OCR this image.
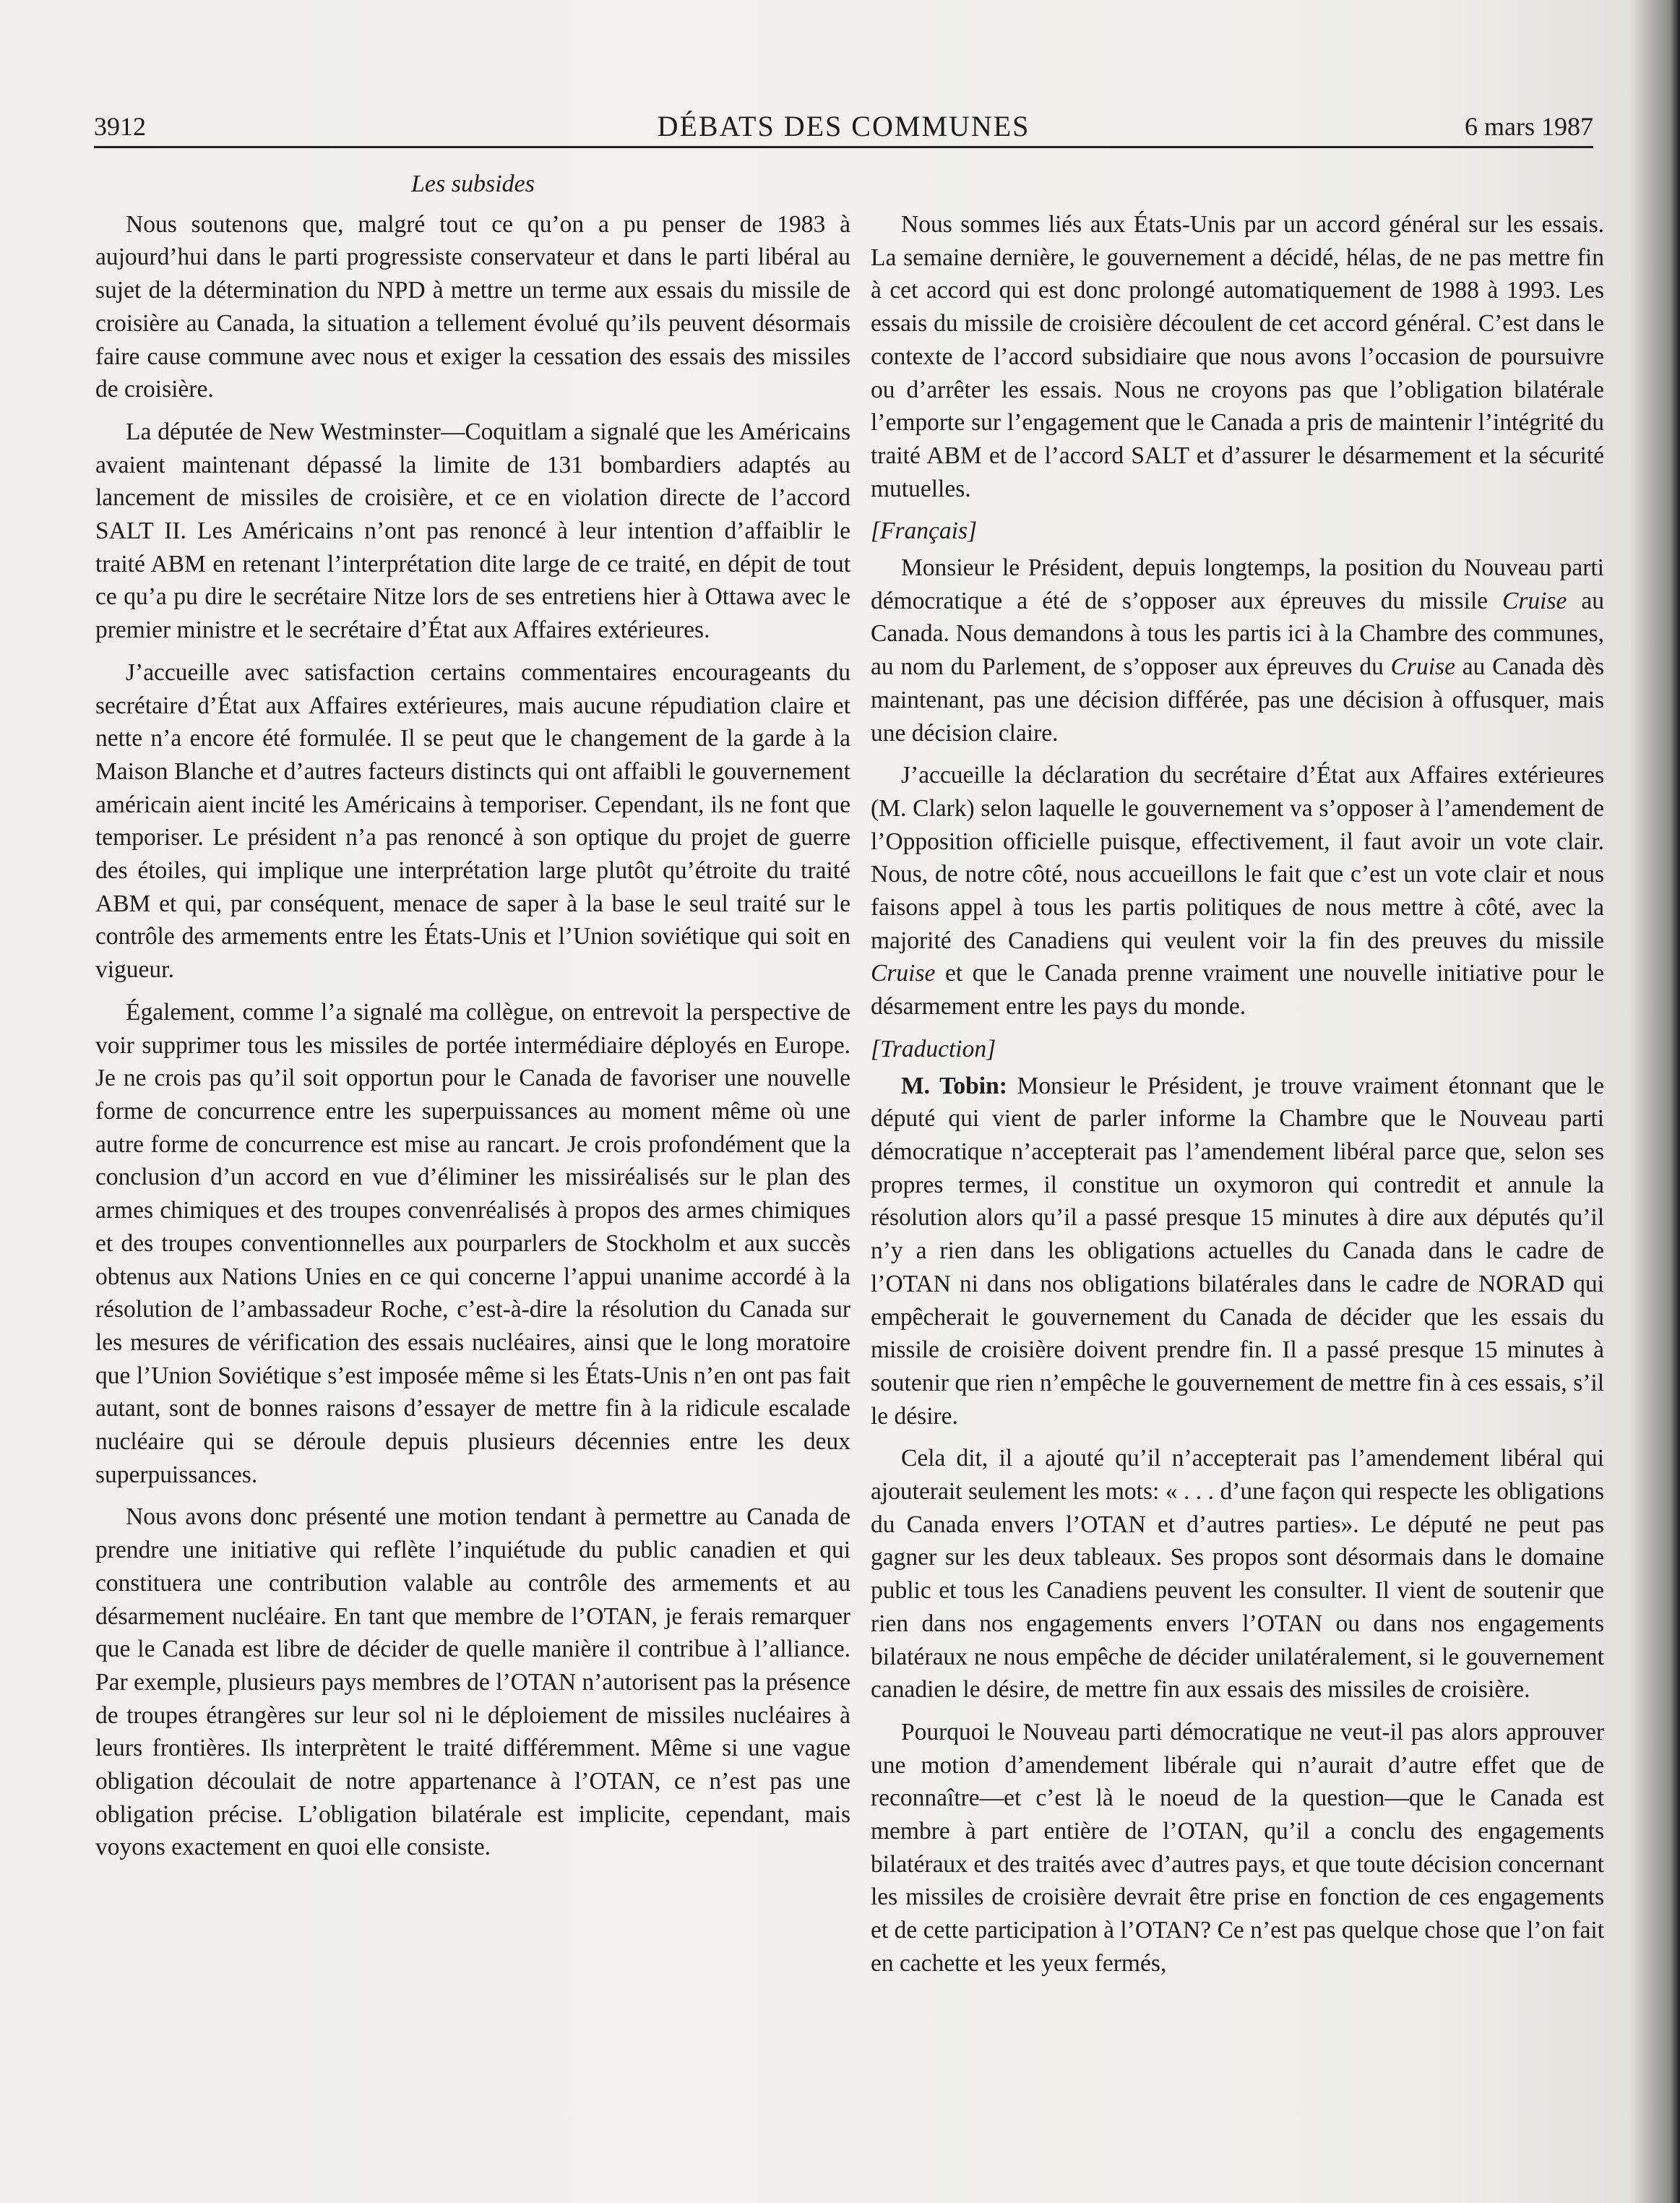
3912	DÉBATS DES COMMUNES	6 mars 1987
Les subsides

Nous soutenons que, malgré tout ce qu’on a pu penser de 1983 à aujourd’hui dans le parti progressiste conservateur et dans le parti libéral au sujet de la détermination du NPD à mettre un terme aux essais du missile de croisière au Canada, la situation a tellement évolué qu’ils peuvent désormais faire cause commune avec nous et exiger la cessation des essais des missiles de croisière.

La députée de New Westminster—Coquitlam a signalé que les Américains avaient maintenant dépassé la limite de 131 bombardiers adaptés au lancement de missiles de croisière, et ce en violation directe de l’accord SALT II. Les Américains n’ont pas renoncé à leur intention d’affaiblir le traité ABM en retenant l’interprétation dite large de ce traité, en dépit de tout ce qu’a pu dire le secrétaire Nitze lors de ses entretiens hier à Ottawa avec le premier ministre et le secrétaire d’État aux Affaires extérieures.

J’accueille avec satisfaction certains commentaires encourageants du secrétaire d’État aux Affaires extérieures, mais aucune répudiation claire et nette n’a encore été formulée. Il se peut que le changement de la garde à la Maison Blanche et d’autres facteurs distincts qui ont affaibli le gouvernement américain aient incité les Américains à temporiser. Cependant, ils ne font que temporiser. Le président n’a pas renoncé à son optique du projet de guerre des étoiles, qui implique une interprétation large plutôt qu’étroite du traité ABM et qui, par conséquent, menace de saper à la base le seul traité sur le contrôle des armements entre les États-Unis et l’Union soviétique qui soit en vigueur.

Également, comme l’a signalé ma collègue, on entrevoit la perspective de voir supprimer tous les missiles de portée intermédiaire déployés en Europe. Je ne crois pas qu’il soit opportun pour le Canada de favoriser une nouvelle forme de concurrence entre les superpuissances au moment même où une autre forme de concurrence est mise au rancart. Je crois profondément que la conclusion d’un accord en vue d’éliminer les missiréalisés sur le plan des armes chimiques et des troupes convenréalisés à propos des armes chimiques et des troupes conventionnelles aux pourparlers de Stockholm et aux succès obtenus aux Nations Unies en ce qui concerne l’appui unanime accordé à la résolution de l’ambassadeur Roche, c’est-à-dire la résolution du Canada sur les mesures de vérification des essais nucléaires, ainsi que le long moratoire que l’Union Soviétique s’est imposée même si les États-Unis n’en ont pas fait autant, sont de bonnes raisons d’essayer de mettre fin à la ridicule escalade nucléaire qui se déroule depuis plusieurs décennies entre les deux superpuissances.

Nous avons donc présenté une motion tendant à permettre au Canada de prendre une initiative qui reflète l’inquiétude du public canadien et qui constituera une contribution valable au contrôle des armements et au désarmement nucléaire. En tant que membre de l’OTAN, je ferais remarquer que le Canada est libre de décider de quelle manière il contribue à l’alliance. Par exemple, plusieurs pays membres de l’OTAN n’autorisent pas la présence de troupes étrangères sur leur sol ni le déploiement de missiles nucléaires à leurs frontières. Ils interprètent le traité différemment. Même si une vague obligation découlait de notre appartenance à l’OTAN, ce n’est pas une obligation précise. L’obligation bilatérale est implicite, cependant, mais voyons exactement en quoi elle consiste.

Nous sommes liés aux États-Unis par un accord général sur les essais. La semaine dernière, le gouvernement a décidé, hélas, de ne pas mettre fin à cet accord qui est donc prolongé automatiquement de 1988 à 1993. Les essais du missile de croisière découlent de cet accord général. C’est dans le contexte de l’accord subsidiaire que nous avons l’occasion de poursuivre ou d’arrêter les essais. Nous ne croyons pas que l’obligation bilatérale l’emporte sur l’engagement que le Canada a pris de maintenir l’intégrité du traité ABM et de l’accord SALT et d’assurer le désarmement et la sécurité mutuelles.

[Français]

Monsieur le Président, depuis longtemps, la position du Nouveau parti démocratique a été de s’opposer aux épreuves du missile Cruise au Canada. Nous demandons à tous les partis ici à la Chambre des communes, au nom du Parlement, de s’opposer aux épreuves du Cruise au Canada dès maintenant, pas une décision différée, pas une décision à offusquer, mais une décision claire.

J’accueille la déclaration du secrétaire d’État aux Affaires extérieures (M. Clark) selon laquelle le gouvernement va s’opposer à l’amendement de l’Opposition officielle puisque, effectivement, il faut avoir un vote clair. Nous, de notre côté, nous accueillons le fait que c’est un vote clair et nous faisons appel à tous les partis politiques de nous mettre à côté, avec la majorité des Canadiens qui veulent voir la fin des preuves du missile Cruise et que le Canada prenne vraiment une nouvelle initiative pour le désarmement entre les pays du monde.

[Traduction]

M. Tobin: Monsieur le Président, je trouve vraiment étonnant que le député qui vient de parler informe la Chambre que le Nouveau parti démocratique n’accepterait pas l’amendement libéral parce que, selon ses propres termes, il constitue un oxymoron qui contredit et annule la résolution alors qu’il a passé presque 15 minutes à dire aux députés qu’il n’y a rien dans les obligations actuelles du Canada dans le cadre de l’OTAN ni dans nos obligations bilatérales dans le cadre de NORAD qui empêcherait le gouvernement du Canada de décider que les essais du missile de croisière doivent prendre fin. Il a passé presque 15 minutes à soutenir que rien n’empêche le gouvernement de mettre fin à ces essais, s’il le désire.

Cela dit, il a ajouté qu’il n’accepterait pas l’amendement libéral qui ajouterait seulement les mots: « . . . d’une façon qui respecte les obligations du Canada envers l’OTAN et d’autres parties». Le député ne peut pas gagner sur les deux tableaux. Ses propos sont désormais dans le domaine public et tous les Canadiens peuvent les consulter. Il vient de soutenir que rien dans nos engagements envers l’OTAN ou dans nos engagements bilatéraux ne nous empêche de décider unilatéralement, si le gouvernement canadien le désire, de mettre fin aux essais des missiles de croisière.

Pourquoi le Nouveau parti démocratique ne veut-il pas alors approuver une motion d’amendement libérale qui n’aurait d’autre effet que de reconnaître—et c’est là le noeud de la question—que le Canada est membre à part entière de l’OTAN, qu’il a conclu des engagements bilatéraux et des traités avec d’autres pays, et que toute décision concernant les missiles de croisière devrait être prise en fonction de ces engagements et de cette participation à l’OTAN? Ce n’est pas quelque chose que l’on fait en cachette et les yeux fermés,
